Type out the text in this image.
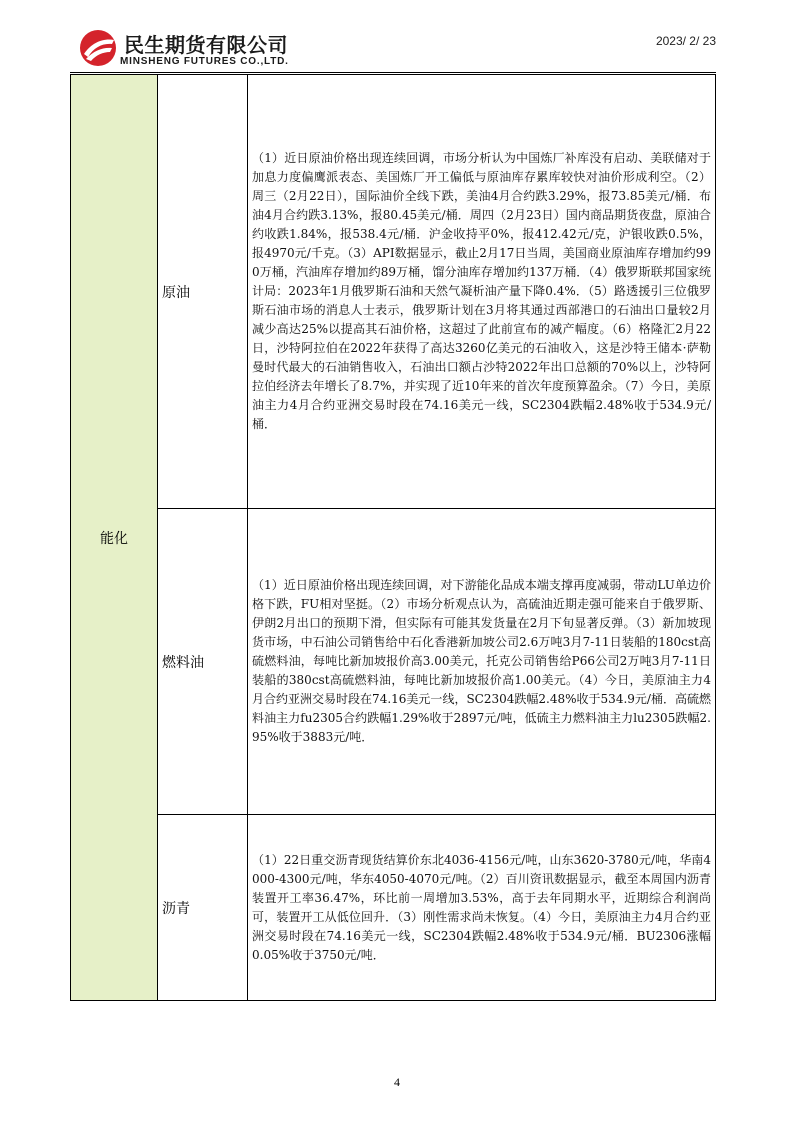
民生期货有限公司
MINSHENG FUTURES CO.,LTD.
2023/ 2/ 23
能化	原油	（1）近日原油价格出现连续回调，市场分析认为中国炼厂补库没有启动、美联储对于加息力度偏鹰派表态、美国炼厂开工偏低与原油库存累库较快对油价形成利空。（2） 周三（2月22日），国际油价全线下跌，美油4月合约跌3.29%，报73.85美元/桶．布油4月合约跌3.13%，报80.45美元/桶．周四（2月23日）国内商品期货夜盘，原油合约收跌1.84%，报538.4元/桶．沪金收持平0%，报412.42元/克，沪银收跌0.5%，报4970元/千克。（3）API数据显示，截止2月17日当周，美国商业原油库存增加约990万桶，汽油库存增加约89万桶，馏分油库存增加约137万桶．（4）俄罗斯联邦国家统计局：2023年1月俄罗斯石油和天然气凝析油产量下降0.4%．（5）路透援引三位俄罗斯石油市场的消息人士表示，俄罗斯计划在3月将其通过西部港口的石油出口量较2月减少高达25%以提高其石油价格，这超过了此前宣布的减产幅度。（6）格隆汇2月22日，沙特阿拉伯在2022年获得了高达3260亿美元的石油收入，这是沙特王储本·萨勒曼时代最大的石油销售收入，石油出口额占沙特2022年出口总额的70%以上，沙特阿拉伯经济去年增长了8.7%，并实现了近10年来的首次年度预算盈余。（7）今日，美原油主力4月合约亚洲交易时段在74.16美元一线，SC2304跌幅2.48%收于534.9元/桶．
	燃料油	（1）近日原油价格出现连续回调，对下游能化品成本端支撑再度减弱，带动LU单边价格下跌，FU相对坚挺。（2）市场分析观点认为，高硫油近期走强可能来自于俄罗斯、伊朗2月出口的预期下滑，但实际有可能其发货量在2月下旬显著反弹。（3）新加坡现货市场，中石油公司销售给中石化香港新加坡公司2.6万吨3月7-11日装船的180cst高硫燃料油，每吨比新加坡报价高3.00美元，托克公司销售给P66公司2万吨3月7-11日装船的380cst高硫燃料油，每吨比新加坡报价高1.00美元。（4）今日，美原油主力4月合约亚洲交易时段在74.16美元一线，SC2304跌幅2.48%收于534.9元/桶．高硫燃料油主力fu2305合约跌幅1.29%收于2897元/吨，低硫主力燃料油主力lu2305跌幅2.95%收于3883元/吨．
	沥青	（1）22日重交沥青现货结算价东北4036-4156元/吨，山东3620-3780元/吨，华南4000-4300元/吨，华东4050-4070元/吨。（2）百川资讯数据显示，截至本周国内沥青装置开工率36.47%，环比前一周增加3.53%，高于去年同期水平，近期综合利润尚可，装置开工从低位回升．（3）刚性需求尚未恢复。（4）今日，美原油主力4月合约亚洲交易时段在74.16美元一线，SC2304跌幅2.48%收于534.9元/桶．BU2306涨幅0.05%收于3750元/吨．
4
